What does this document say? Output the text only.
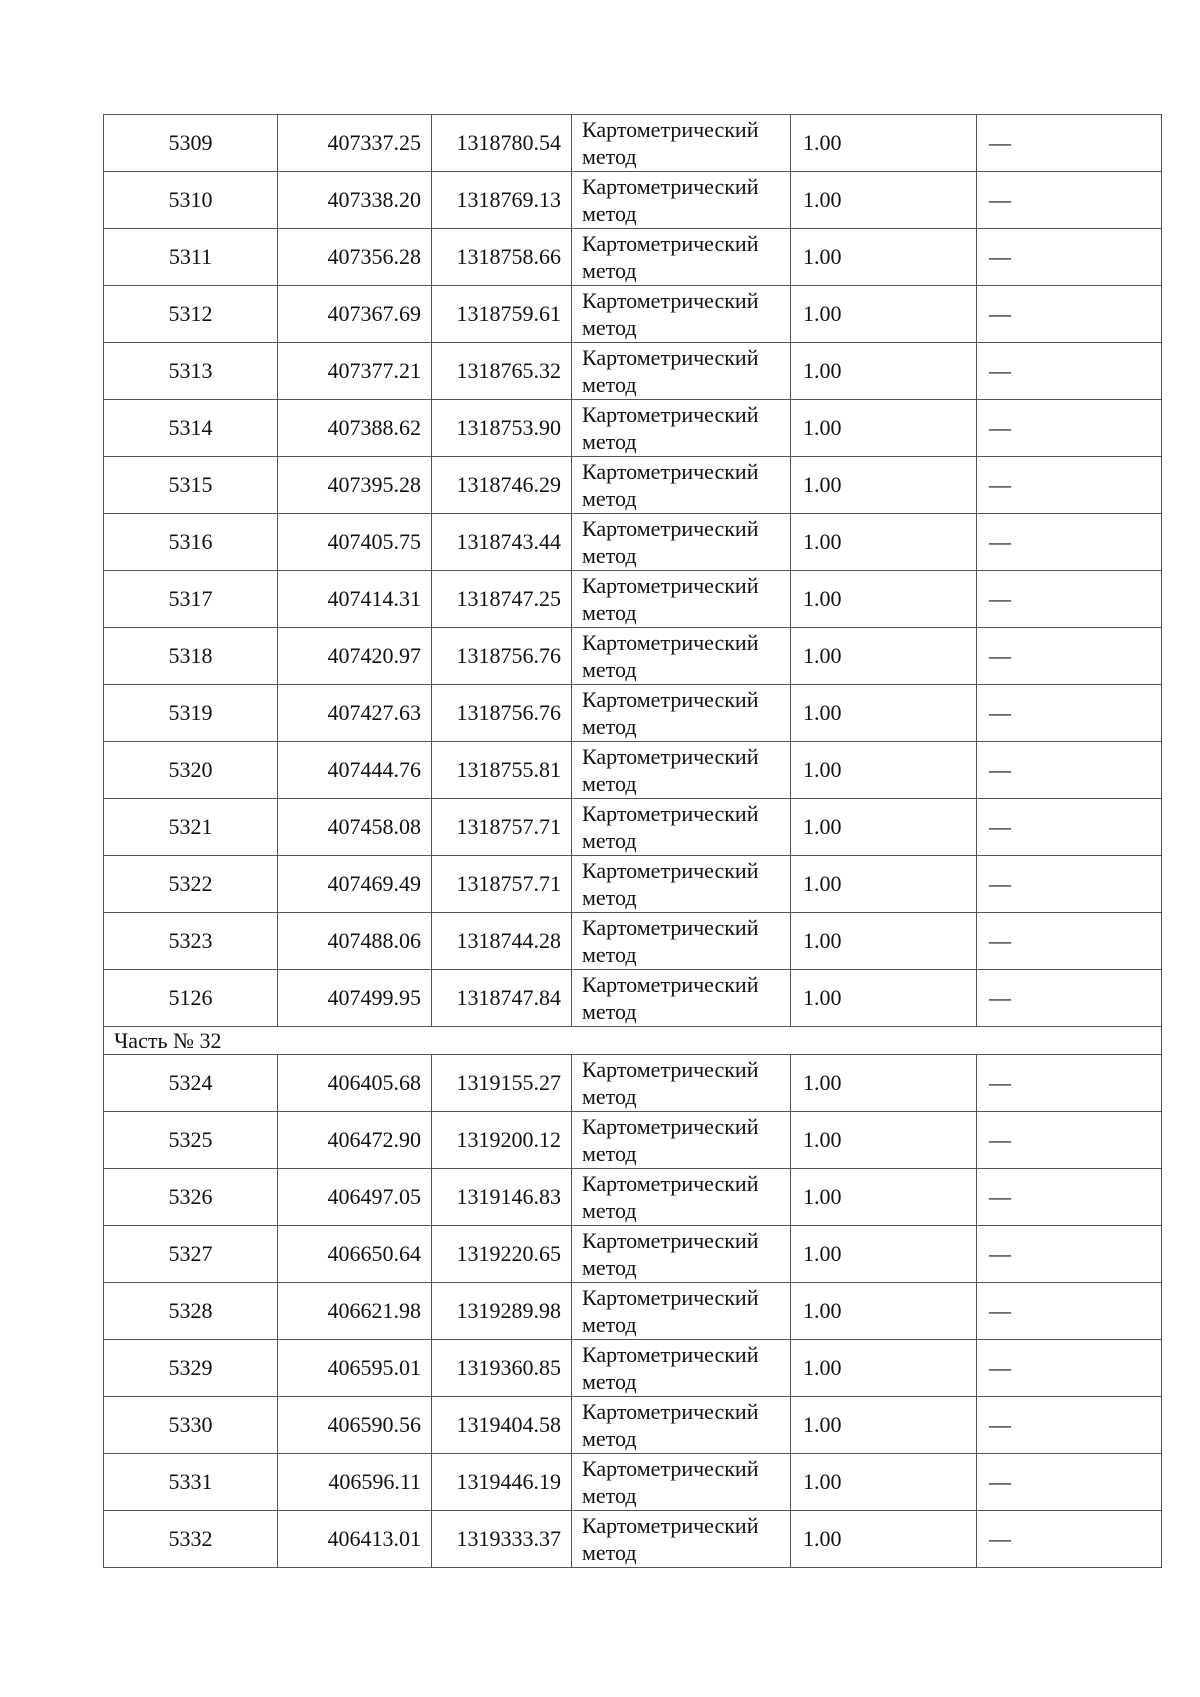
5309	407337.25	1318780.54	Картометрический
метод	1.00	—
5310	407338.20	1318769.13	Картометрический
метод	1.00	—
5311	407356.28	1318758.66	Картометрический
метод	1.00	—
5312	407367.69	1318759.61	Картометрический
метод	1.00	—
5313	407377.21	1318765.32	Картометрический
метод	1.00	—
5314	407388.62	1318753.90	Картометрический
метод	1.00	—
5315	407395.28	1318746.29	Картометрический
метод	1.00	—
5316	407405.75	1318743.44	Картометрический
метод	1.00	—
5317	407414.31	1318747.25	Картометрический
метод	1.00	—
5318	407420.97	1318756.76	Картометрический
метод	1.00	—
5319	407427.63	1318756.76	Картометрический
метод	1.00	—
5320	407444.76	1318755.81	Картометрический
метод	1.00	—
5321	407458.08	1318757.71	Картометрический
метод	1.00	—
5322	407469.49	1318757.71	Картометрический
метод	1.00	—
5323	407488.06	1318744.28	Картометрический
метод	1.00	—
5126	407499.95	1318747.84	Картометрический
метод	1.00	—
Часть № 32					
5324	406405.68	1319155.27	Картометрический
метод	1.00	—
5325	406472.90	1319200.12	Картометрический
метод	1.00	—
5326	406497.05	1319146.83	Картометрический
метод	1.00	—
5327	406650.64	1319220.65	Картометрический
метод	1.00	—
5328	406621.98	1319289.98	Картометрический
метод	1.00	—
5329	406595.01	1319360.85	Картометрический
метод	1.00	—
5330	406590.56	1319404.58	Картометрический
метод	1.00	—
5331	406596.11	1319446.19	Картометрический
метод	1.00	—
5332	406413.01	1319333.37	Картометрический
метод	1.00	—
